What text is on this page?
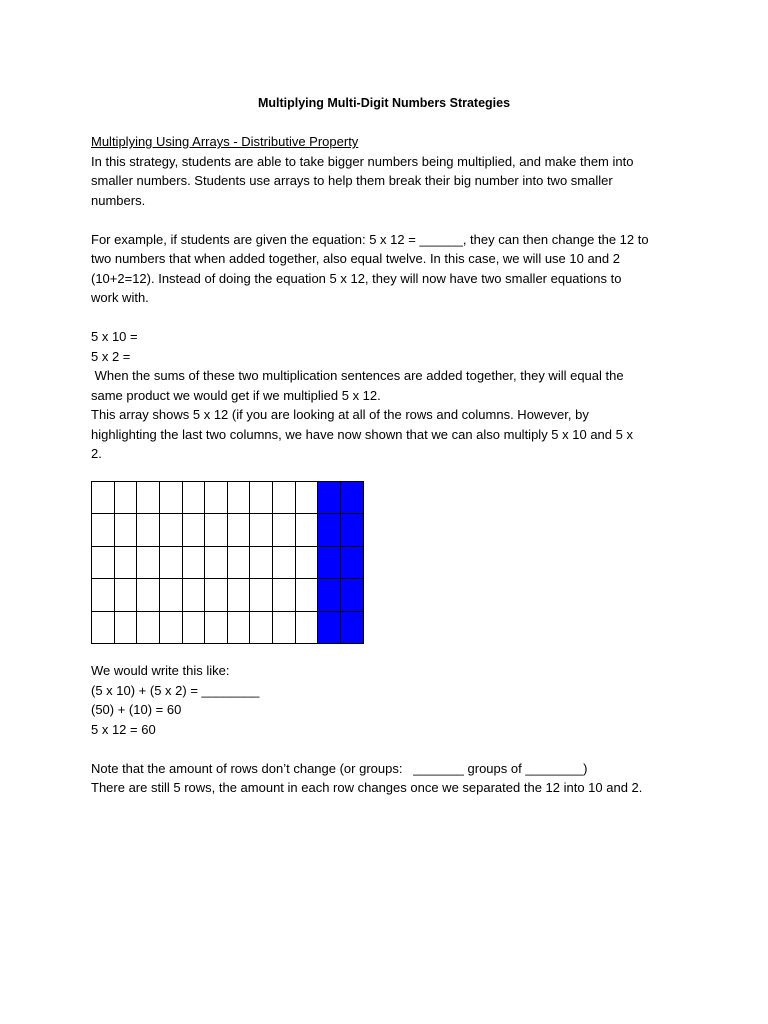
Multiplying Multi-Digit Numbers Strategies
Multiplying Using Arrays - Distributive Property
In this strategy, students are able to take bigger numbers being multiplied, and make them into
smaller numbers. Students use arrays to help them break their big number into two smaller
numbers.
For example, if students are given the equation: 5 x 12 = ______, they can then change the 12 to
two numbers that when added together, also equal twelve. In this case, we will use 10 and 2
(10+2=12). Instead of doing the equation 5 x 12, they will now have two smaller equations to
work with.
5 x 10 =
5 x 2 =
When the sums of these two multiplication sentences are added together, they will equal the
same product we would get if we multiplied 5 x 12.
This array shows 5 x 12 (if you are looking at all of the rows and columns. However, by
highlighting the last two columns, we have now shown that we can also multiply 5 x 10 and 5 x
2.

We would write this like:
(5 x 10) + (5 x 2) = ________
(50) + (10) = 60
5 x 12 = 60
Note that the amount of rows don’t change (or groups:   _______ groups of ________)
There are still 5 rows, the amount in each row changes once we separated the 12 into 10 and 2.
